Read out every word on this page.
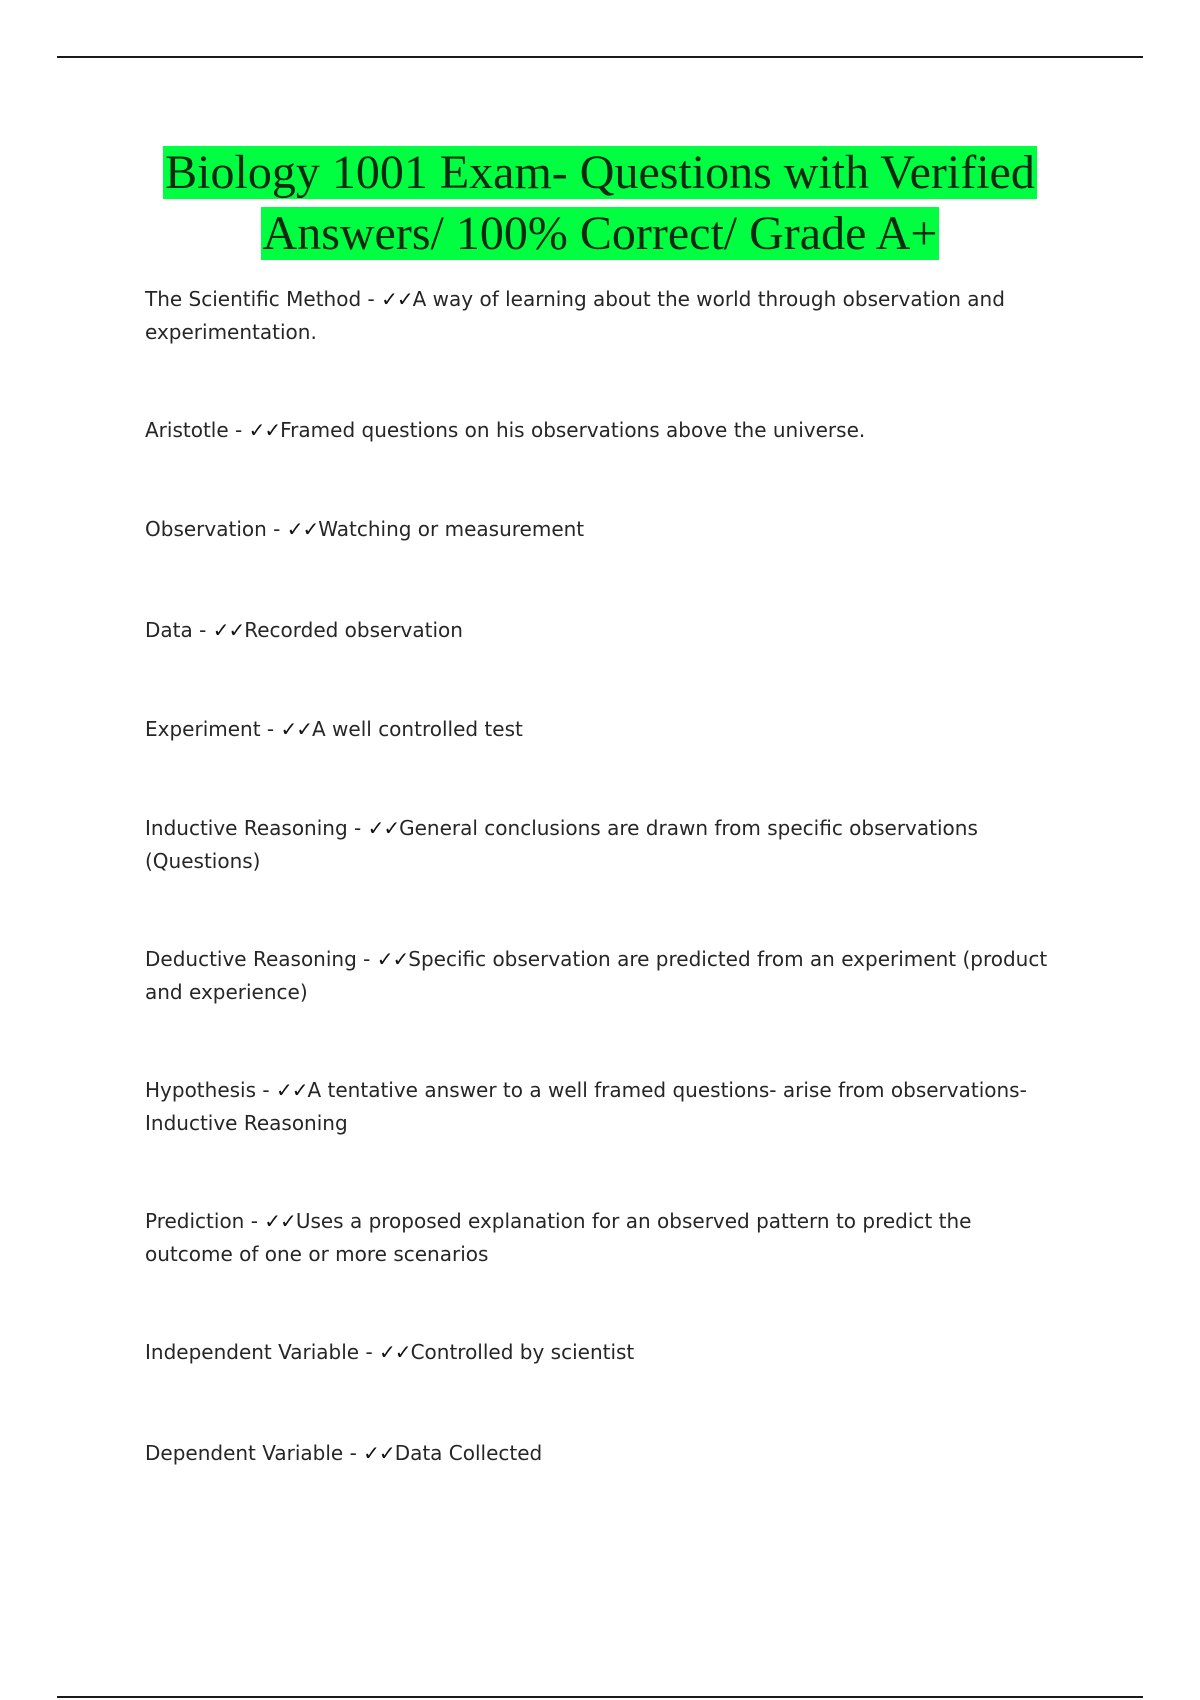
Biology 1001 Exam- Questions with Verified Answers/ 100% Correct/ Grade A+

The Scientific Method - ✓✓A way of learning about the world through observation and experimentation.

Aristotle - ✓✓Framed questions on his observations above the universe.

Observation - ✓✓Watching or measurement

Data - ✓✓Recorded observation

Experiment - ✓✓A well controlled test

Inductive Reasoning - ✓✓General conclusions are drawn from specific observations (Questions)

Deductive Reasoning - ✓✓Specific observation are predicted from an experiment (product and experience)

Hypothesis - ✓✓A tentative answer to a well framed questions- arise from observations- Inductive Reasoning

Prediction - ✓✓Uses a proposed explanation for an observed pattern to predict the outcome of one or more scenarios

Independent Variable - ✓✓Controlled by scientist

Dependent Variable - ✓✓Data Collected
